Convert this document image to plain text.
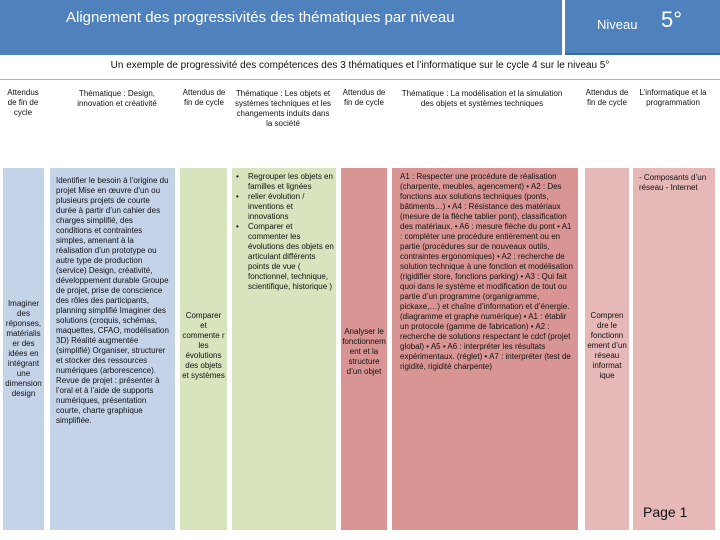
Alignement des progressivités des thématiques par niveau	Niveau 5°
Un exemple de progressivité des compétences des 3 thématiques et l’informatique sur le cycle 4 sur le niveau 5°
Attendus de fin de cycle
Thématique : Design, innovation et créativité
Attendus de fin de cycle
Thématique : Les objets et systèmes techniques et les changements induits dans la société
Attendus de fin de cycle
Thématique : La modélisation et la simulation des objets et systèmes techniques
Attendus de fin de cycle
L’informatique et la programmation
Imaginer des réponses, matérialis er des idées en intégrant une dimension design
Identifier le besoin à l’origine du projet Mise en œuvre d’un ou plusieurs projets de courte durée à partir d’un cahier des charges simplifié, des conditions et contraintes simples, amenant à la réalisation d’un prototype ou autre type de production (service) Design, créativité, développement durable Groupe de projet, prise de conscience des rôles des participants, planning simplifié Imaginer des solutions (croquis, schémas, maquettes, CFAO, modélisation 3D) Réalité augmentée (simplifié) Organiser, structurer et stocker des ressources numériques (arborescence). Revue de projet : présenter à l’oral et à l’aide de supports numériques, présentation courte, charte graphique simplifiée.
Comparer et commente r les évolutions des objets et systèmes
• Regrouper les objets en familles et lignées
• relier évolution / inventions et innovations
• Comparer et commenter les évolutions des objets en articulant différents points de vue ( fonctionnel, technique, scientifique, historique )
Analyser le fonctionnem ent et la structure d’un objet
A1 : Respecter une procédure de réalisation (charpente, meubles, agencement) • A2 : Des fonctions aux solutions techniques (ponts, bâtiments…) • A4 : Résistance des matériaux (mesure de la flèche tablier pont), classification des matériaux. • A6 : mesure flèche du pont • A1 : compléter une procédure entièrement ou en partie (procédures sur de nouveaux outils, contraintes ergonomiques) • A2 : recherche de solution technique à une fonction et modélisation (rigidifier store, fonctions parking) • A3 : Qui fait quoi dans le système et modification de tout ou partie d’un programme (organigramme, pickaxe,…) et chaîne d’information et d’énergie. (diagramme et graphe numérique) • A1 : établir un protocole (gamme de fabrication) • A2 : recherche de solutions respectant le cdcf (projet global) • A5 • A6 : interpréter les résultats expérimentaux. (réglet) • A7 : interpréter (test de rigidité, rigidité charpente)
Compren dre le fonctionn ement d’un réseau informat ique
- Composants d’un réseau - Internet
Page 1
